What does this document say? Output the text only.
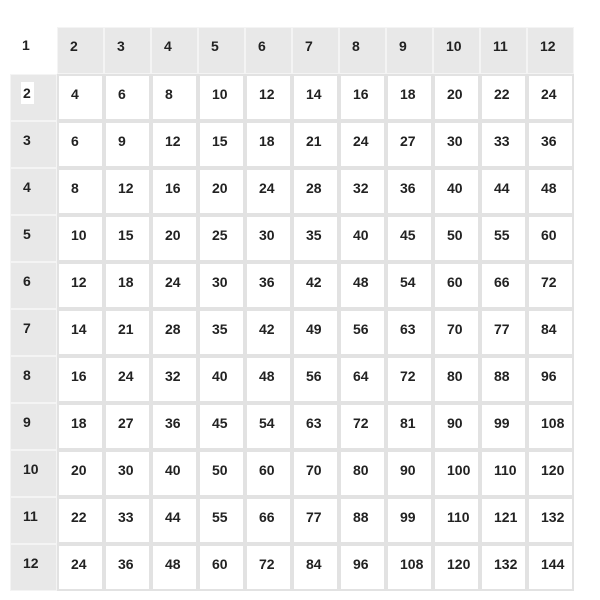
1	2	3	4	5	6	7	8	9	10	11	12
2	4	6	8	10	12	14	16	18	20	22	24
3	6	9	12	15	18	21	24	27	30	33	36
4	8	12	16	20	24	28	32	36	40	44	48
5	10	15	20	25	30	35	40	45	50	55	60
6	12	18	24	30	36	42	48	54	60	66	72
7	14	21	28	35	42	49	56	63	70	77	84
8	16	24	32	40	48	56	64	72	80	88	96
9	18	27	36	45	54	63	72	81	90	99	108
10	20	30	40	50	60	70	80	90	100	110	120
11	22	33	44	55	66	77	88	99	110	121	132
12	24	36	48	60	72	84	96	108	120	132	144
